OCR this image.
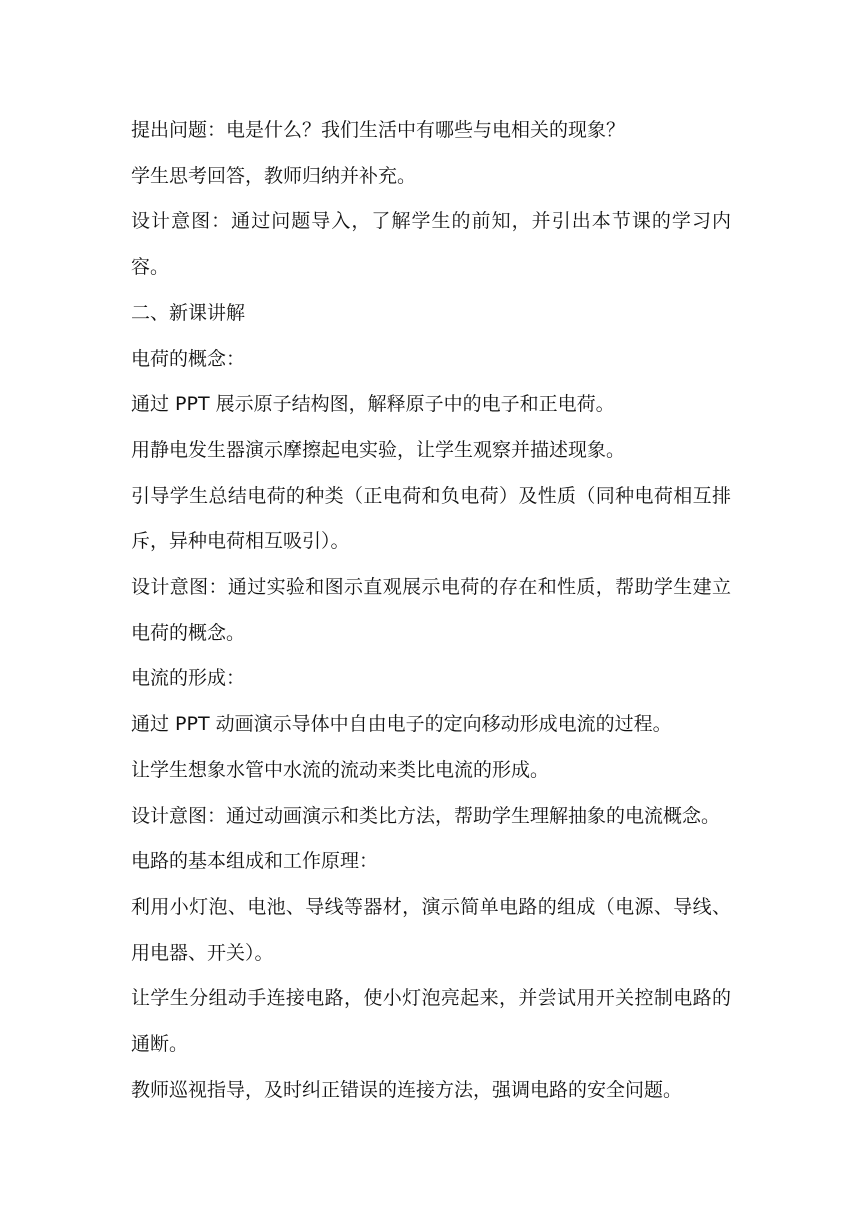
提出问题：电是什么？我们生活中有哪些与电相关的现象？

学生思考回答，教师归纳并补充。

设计意图：通过问题导入，了解学生的前知，并引出本节课的学习内容。

二、新课讲解

电荷的概念：

通过 PPT 展示原子结构图，解释原子中的电子和正电荷。

用静电发生器演示摩擦起电实验，让学生观察并描述现象。

引导学生总结电荷的种类（正电荷和负电荷）及性质（同种电荷相互排斥，异种电荷相互吸引）。

设计意图：通过实验和图示直观展示电荷的存在和性质，帮助学生建立电荷的概念。

电流的形成：

通过 PPT 动画演示导体中自由电子的定向移动形成电流的过程。

让学生想象水管中水流的流动来类比电流的形成。

设计意图：通过动画演示和类比方法，帮助学生理解抽象的电流概念。

电路的基本组成和工作原理：

利用小灯泡、电池、导线等器材，演示简单电路的组成（电源、导线、用电器、开关）。

让学生分组动手连接电路，使小灯泡亮起来，并尝试用开关控制电路的通断。

教师巡视指导，及时纠正错误的连接方法，强调电路的安全问题。
